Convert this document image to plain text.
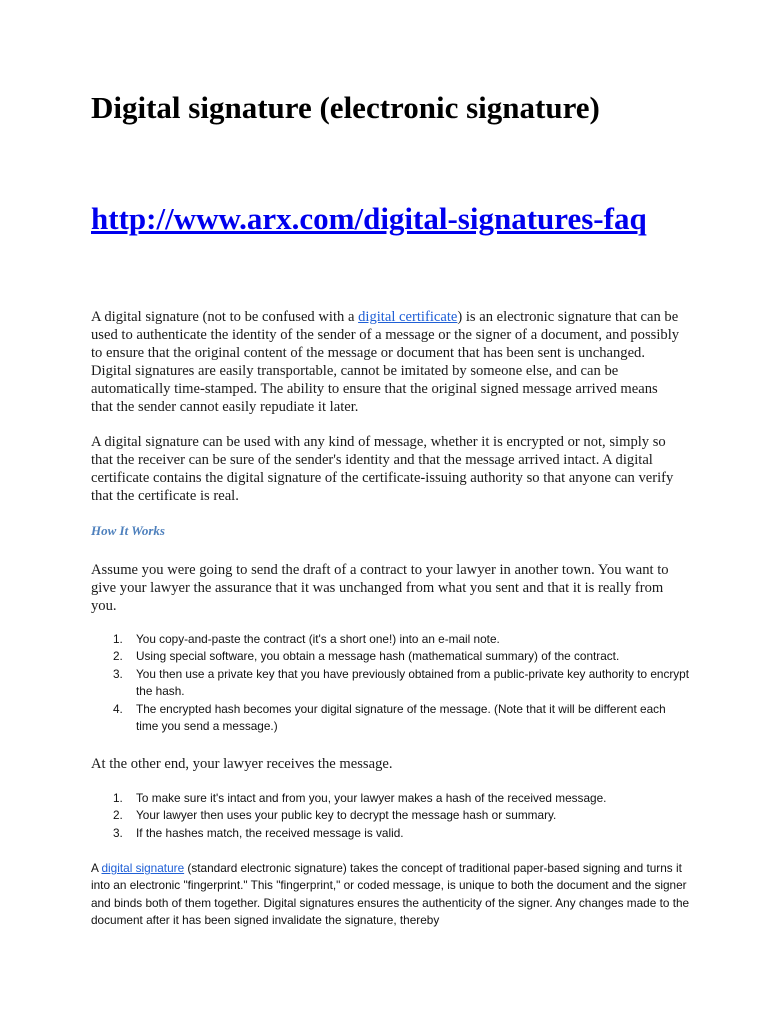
Digital signature (electronic signature)
http://www.arx.com/digital-signatures-faq

A digital signature (not to be confused with a digital certificate) is an electronic signature that can be used to authenticate the identity of the sender of a message or the signer of a document, and possibly to ensure that the original content of the message or document that has been sent is unchanged. Digital signatures are easily transportable, cannot be imitated by someone else, and can be automatically time-stamped. The ability to ensure that the original signed message arrived means that the sender cannot easily repudiate it later.

A digital signature can be used with any kind of message, whether it is encrypted or not, simply so that the receiver can be sure of the sender's identity and that the message arrived intact. A digital certificate contains the digital signature of the certificate-issuing authority so that anyone can verify that the certificate is real.

How It Works

Assume you were going to send the draft of a contract to your lawyer in another town. You want to give your lawyer the assurance that it was unchanged from what you sent and that it is really from you.

1. You copy-and-paste the contract (it's a short one!) into an e-mail note.
2. Using special software, you obtain a message hash (mathematical summary) of the contract.
3. You then use a private key that you have previously obtained from a public-private key authority to encrypt the hash.
4. The encrypted hash becomes your digital signature of the message. (Note that it will be different each time you send a message.)

At the other end, your lawyer receives the message.

1. To make sure it's intact and from you, your lawyer makes a hash of the received message.
2. Your lawyer then uses your public key to decrypt the message hash or summary.
3. If the hashes match, the received message is valid.

A digital signature (standard electronic signature) takes the concept of traditional paper-based signing and turns it into an electronic "fingerprint." This "fingerprint," or coded message, is unique to both the document and the signer and binds both of them together. Digital signatures ensures the authenticity of the signer. Any changes made to the document after it has been signed invalidate the signature, thereby
